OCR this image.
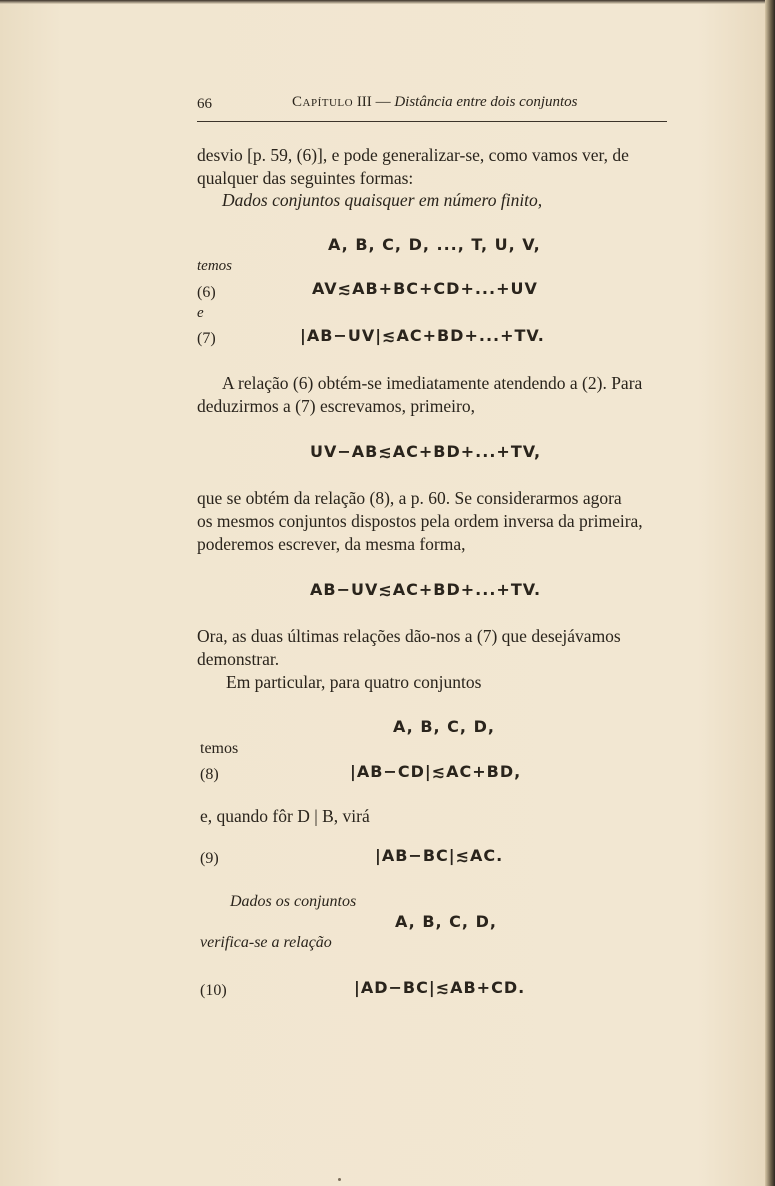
66	Capítulo III — Distância entre dois conjuntos
desvio [p. 59, (6)], e pode generalizar-se, como vamos ver, de
qualquer das seguintes formas:
Dados conjuntos quaisquer em número finito,
A, B, C, D, ..., T, U, V,
temos
(6)	AV≲AB+BC+CD+...+UV
e
(7)	|AB−UV|≲AC+BD+...+TV.
A relação (6) obtém-se imediatamente atendendo a (2). Para
deduzirmos a (7) escrevamos, primeiro,
UV−AB≲AC+BD+...+TV,
que se obtém da relação (8), a p. 60. Se considerarmos agora
os mesmos conjuntos dispostos pela ordem inversa da primeira,
poderemos escrever, da mesma forma,
AB−UV≲AC+BD+...+TV.
Ora, as duas últimas relações dão-nos a (7) que desejávamos
demonstrar.
Em particular, para quatro conjuntos
A, B, C, D,
temos
(8)	|AB−CD|≲AC+BD,
e, quando fôr D | B, virá
(9)	|AB−BC|≲AC.
Dados os conjuntos
A, B, C, D,
verifica-se a relação
(10)	|AD−BC|≲AB+CD.
